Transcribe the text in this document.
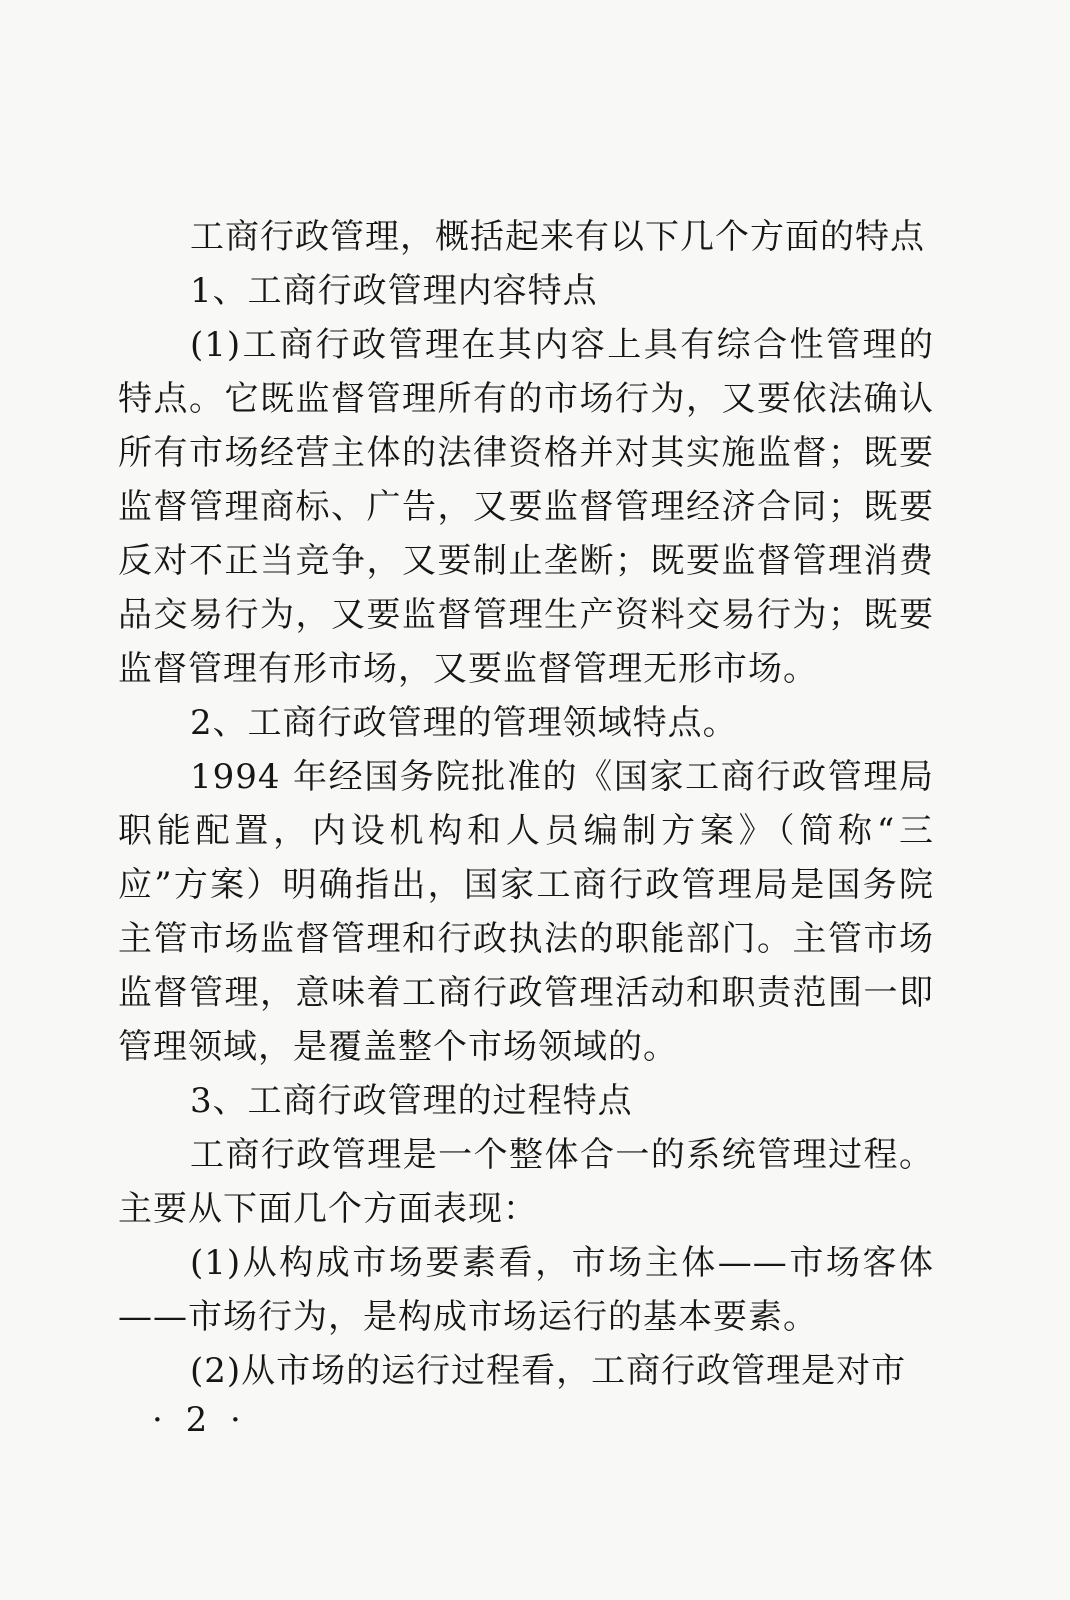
工商行政管理，概括起来有以下几个方面的特点

1、工商行政管理内容特点

(1)工商行政管理在其内容上具有综合性管理的特点。它既监督管理所有的市场行为，又要依法确认所有市场经营主体的法律资格并对其实施监督；既要监督管理商标、广告，又要监督管理经济合同；既要反对不正当竞争，又要制止垄断；既要监督管理消费品交易行为，又要监督管理生产资料交易行为；既要监督管理有形市场，又要监督管理无形市场。

2、工商行政管理的管理领域特点。

1994 年经国务院批准的《国家工商行政管理局职能配置，内设机构和人员编制方案》（简称“三应”方案）明确指出，国家工商行政管理局是国务院主管市场监督管理和行政执法的职能部门。主管市场监督管理，意味着工商行政管理活动和职责范围一即管理领域，是覆盖整个市场领域的。

3、工商行政管理的过程特点

工商行政管理是一个整体合一的系统管理过程。主要从下面几个方面表现：

(1)从构成市场要素看，市场主体——市场客体——市场行为，是构成市场运行的基本要素。

(2)从市场的运行过程看，工商行政管理是对市

· 2 ·
